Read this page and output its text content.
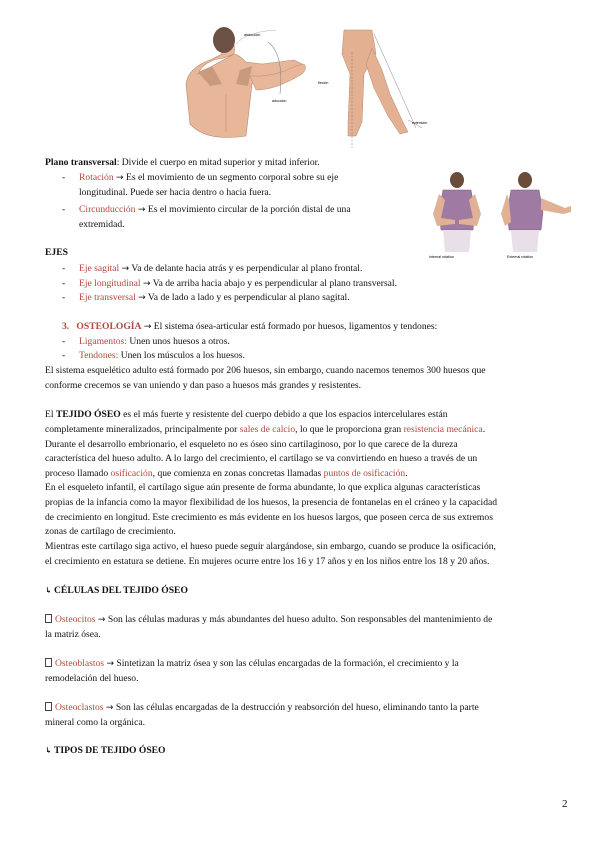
abducción
aducción
flexión
extensión
Internal rotation	External rotation
Plano transversal: Divide el cuerpo en mitad superior y mitad inferior.
- Rotación → Es el movimiento de un segmento corporal sobre su eje
longitudinal. Puede ser hacia dentro o hacia fuera.
- Circunducción → Es el movimiento circular de la porción distal de una
extremidad.
EJES
- Eje sagital → Va de delante hacia atrás y es perpendicular al plano frontal.
- Eje longitudinal → Va de arriba hacia abajo y es perpendicular al plano transversal.
- Eje transversal → Va de lado a lado y es perpendicular al plano sagital.
3. OSTEOLOGÍA → El sistema ósea-articular está formado por huesos, ligamentos y tendones:
- Ligamentos: Unen unos huesos a otros.
- Tendones: Unen los músculos a los huesos.
El sistema esquelético adulto está formado por 206 huesos, sin embargo, cuando nacemos tenemos 300 huesos que
conforme crecemos se van uniendo y dan paso a huesos más grandes y resistentes.
El TEJIDO ÓSEO es el más fuerte y resistente del cuerpo debido a que los espacios intercelulares están
completamente mineralizados, principalmente por sales de calcio, lo que le proporciona gran resistencia mecánica.
Durante el desarrollo embrionario, el esqueleto no es óseo sino cartilaginoso, por lo que carece de la dureza
característica del hueso adulto. A lo largo del crecimiento, el cartílago se va convirtiendo en hueso a través de un
proceso llamado osificación, que comienza en zonas concretas llamadas puntos de osificación.
En el esqueleto infantil, el cartílago sigue aún presente de forma abundante, lo que explica algunas características
propias de la infancia como la mayor flexibilidad de los huesos, la presencia de fontanelas en el cráneo y la capacidad
de crecimiento en longitud. Este crecimiento es más evidente en los huesos largos, que poseen cerca de sus extremos
zonas de cartílago de crecimiento.
Mientras este cartílago siga activo, el hueso puede seguir alargándose, sin embargo, cuando se produce la osificación,
el crecimiento en estatura se detiene. En mujeres ocurre entre los 16 y 17 años y en los niños entre los 18 y 20 años.
↳ CÉLULAS DEL TEJIDO ÓSEO
Osteocitos → Son las células maduras y más abundantes del hueso adulto. Son responsables del mantenimiento de
la matriz ósea.
Osteoblastos → Sintetizan la matriz ósea y son las células encargadas de la formación, el crecimiento y la
remodelación del hueso.
Osteoclastos → Son las células encargadas de la destrucción y reabsorción del hueso, eliminando tanto la parte
mineral como la orgánica.
↳ TIPOS DE TEJIDO ÓSEO
2
